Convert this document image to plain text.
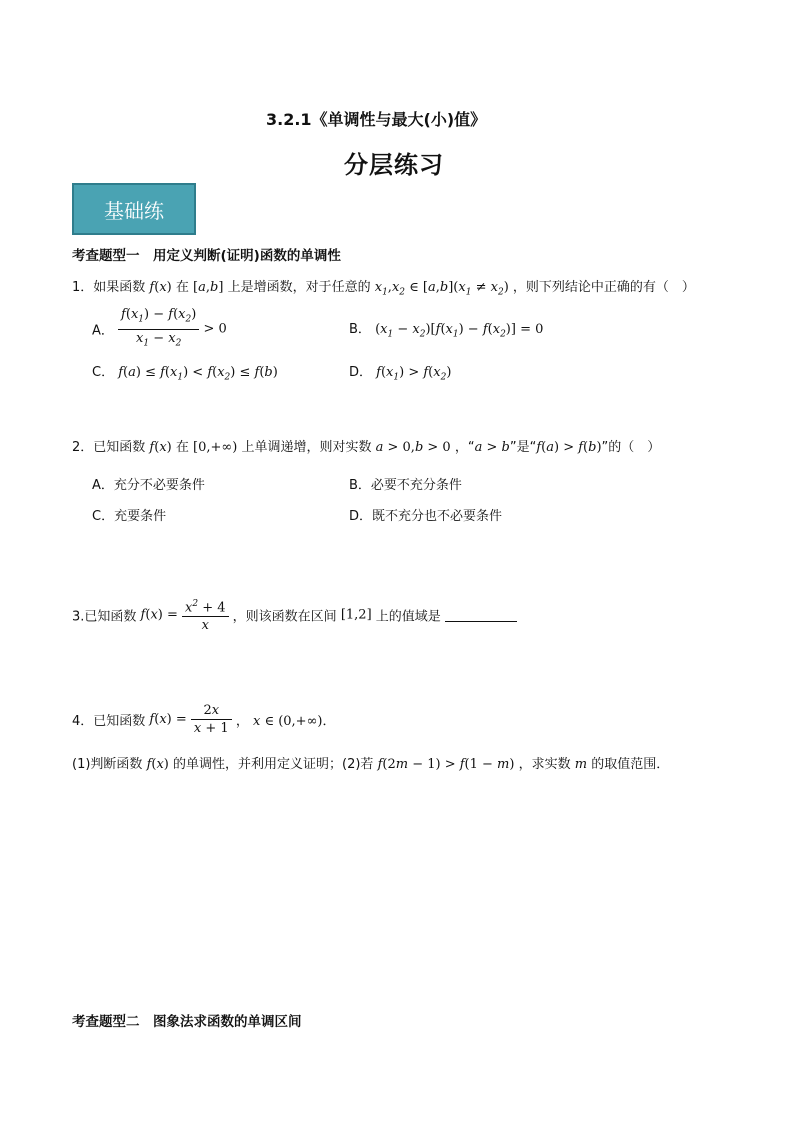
3.2.1《单调性与最大(小)值》
分层练习
基础练
考查题型一　用定义判断(证明)函数的单调性
1．如果函数 f(x) 在 [a,b] 上是增函数，对于任意的 $x_1,x_2$ ∈ $[a,b](x_1 \ne x_2)$ ，则下列结论中正确的有（　）
A． $\frac{f(x_1) - f(x_2)}{x_1 - x_2} > 0$	B． $(x_1 - x_2)[f(x_1) - f(x_2)] = 0$
C． $f(a) \le f(x_1) < f(x_2) \le f(b)$	D． $f(x_1) > f(x_2)$
2．已知函数 f(x) 在 [0,+∞) 上单调递增，则对实数 a > 0,b > 0 ，“a > b”是“f(a) > f(b)”的（　）
A．充分不必要条件	B．必要不充分条件
C．充要条件	D．既不充分也不必要条件
3.已知函数 $f(x) = \frac{x^2 + 4}{x}$ ，则该函数在区间 [1,2] 上的值域是
4．已知函数 $f(x) = \frac{2x}{x + 1}$ ， x ∈ (0,+∞)．
(1)判断函数 f(x) 的单调性，并利用定义证明；(2)若 f(2m − 1) > f(1 − m) ，求实数 m 的取值范围．
考查题型二　图象法求函数的单调区间
